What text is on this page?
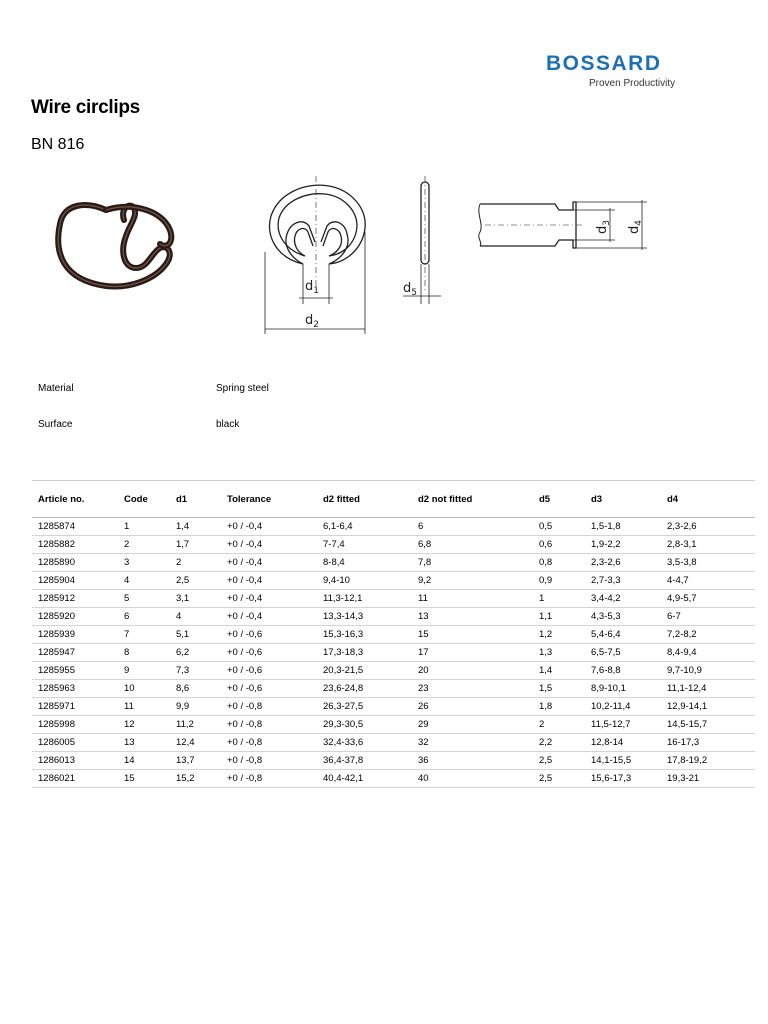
BOSSARD
Proven Productivity
Wire circlips
BN 816
$d_1$
$d_2$
$d_5$
$d_3$
$d_4$
Material	Spring steel
Surface	black
Article no.	Code	d1	Tolerance	d2 fitted	d2 not fitted	d5	d3	d4
1285874	1	1,4	+0 / -0,4	6,1-6,4	6	0,5	1,5-1,8	2,3-2,6
1285882	2	1,7	+0 / -0,4	7-7,4	6,8	0,6	1,9-2,2	2,8-3,1
1285890	3	2	+0 / -0,4	8-8,4	7,8	0,8	2,3-2,6	3,5-3,8
1285904	4	2,5	+0 / -0,4	9,4-10	9,2	0,9	2,7-3,3	4-4,7
1285912	5	3,1	+0 / -0,4	11,3-12,1	11	1	3,4-4,2	4,9-5,7
1285920	6	4	+0 / -0,4	13,3-14,3	13	1,1	4,3-5,3	6-7
1285939	7	5,1	+0 / -0,6	15,3-16,3	15	1,2	5,4-6,4	7,2-8,2
1285947	8	6,2	+0 / -0,6	17,3-18,3	17	1,3	6,5-7,5	8,4-9,4
1285955	9	7,3	+0 / -0,6	20,3-21,5	20	1,4	7,6-8,8	9,7-10,9
1285963	10	8,6	+0 / -0,6	23,6-24,8	23	1,5	8,9-10,1	11,1-12,4
1285971	11	9,9	+0 / -0,8	26,3-27,5	26	1,8	10,2-11,4	12,9-14,1
1285998	12	11,2	+0 / -0,8	29,3-30,5	29	2	11,5-12,7	14,5-15,7
1286005	13	12,4	+0 / -0,8	32,4-33,6	32	2,2	12,8-14	16-17,3
1286013	14	13,7	+0 / -0,8	36,4-37,8	36	2,5	14,1-15,5	17,8-19,2
1286021	15	15,2	+0 / -0,8	40,4-42,1	40	2,5	15,6-17,3	19,3-21
